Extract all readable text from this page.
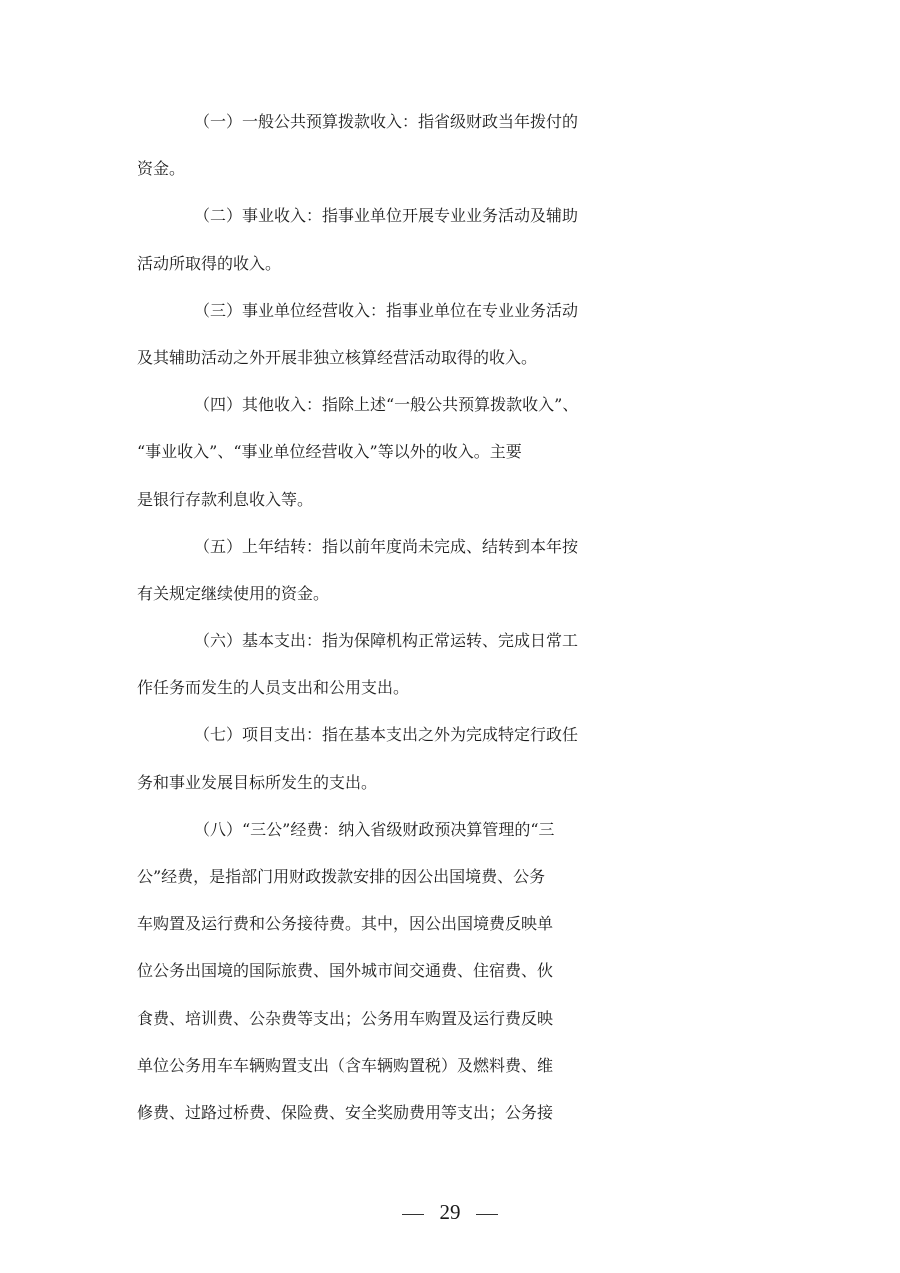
（一）一般公共预算拨款收入：指省级财政当年拨付的
资金。
（二）事业收入：指事业单位开展专业业务活动及辅助
活动所取得的收入。
（三）事业单位经营收入：指事业单位在专业业务活动
及其辅助活动之外开展非独立核算经营活动取得的收入。
（四）其他收入：指除上述“一般公共预算拨款收入”、
“事业收入”、“事业单位经营收入”等以外的收入。主要
是银行存款利息收入等。
（五）上年结转：指以前年度尚未完成、结转到本年按
有关规定继续使用的资金。
（六）基本支出：指为保障机构正常运转、完成日常工
作任务而发生的人员支出和公用支出。
（七）项目支出：指在基本支出之外为完成特定行政任
务和事业发展目标所发生的支出。
（八）“三公”经费：纳入省级财政预决算管理的“三
公”经费，是指部门用财政拨款安排的因公出国境费、公务
车购置及运行费和公务接待费。其中，因公出国境费反映单
位公务出国境的国际旅费、国外城市间交通费、住宿费、伙
食费、培训费、公杂费等支出；公务用车购置及运行费反映
单位公务用车车辆购置支出（含车辆购置税）及燃料费、维
修费、过路过桥费、保险费、安全奖励费用等支出；公务接
29
